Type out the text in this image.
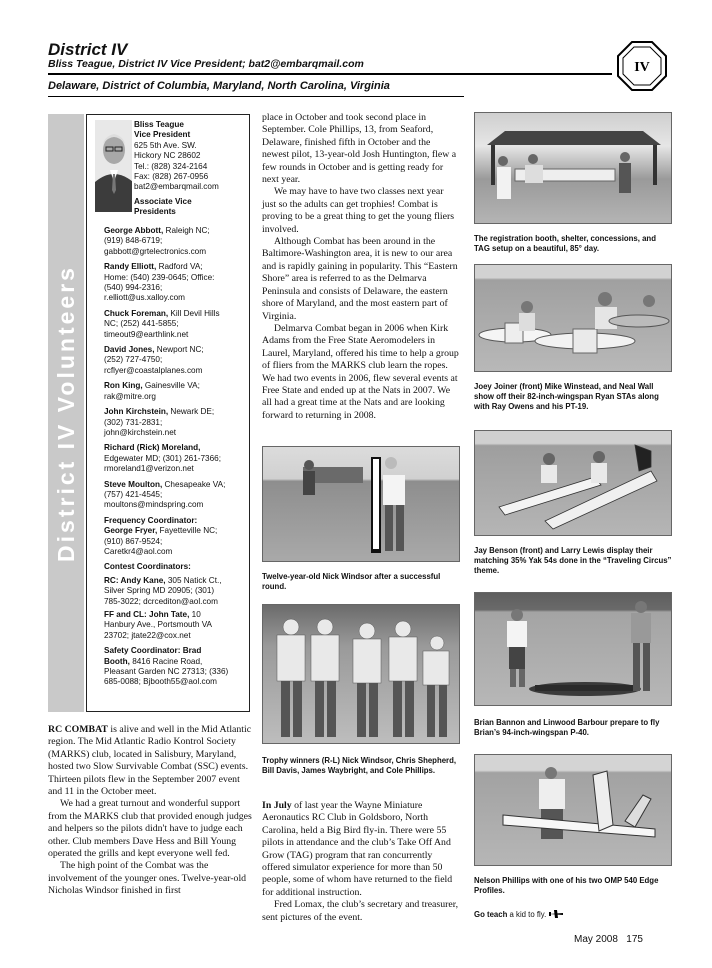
District IV
Bliss Teague, District IV Vice President; bat2@embarqmail.com
Delaware, District of Columbia, Maryland, North Carolina, Virginia
IV
District IV Volunteers
Bliss Teague
Vice President
625 5th Ave. SW.
Hickory NC 28602
Tel.: (828) 324-2164
Fax: (828) 267-0956
bat2@embarqmail.com
Associate Vice
Presidents
George Abbott, Raleigh NC;
(919) 848-6719;
gabbott@grtelectronics.com
Randy Elliott, Radford VA;
Home: (540) 239-0645; Office:
(540) 994-2316;
r.elliott@us.xalloy.com
Chuck Foreman, Kill Devil Hills
NC; (252) 441-5855;
timeout9@earthlink.net
David Jones, Newport NC;
(252) 727-4750;
rcflyer@coastalplanes.com
Ron King, Gainesville VA;
rak@mitre.org
John Kirchstein, Newark DE;
(302) 731-2831;
john@kirchstein.net
Richard (Rick) Moreland,
Edgewater MD; (301) 261-7366;
rmoreland1@verizon.net
Steve Moulton, Chesapeake VA;
(757) 421-4545;
moultons@mindspring.com
Frequency Coordinator:
George Fryer, Fayetteville NC;
(910) 867-9524;
Caretkr4@aol.com
Contest Coordinators:
RC: Andy Kane, 305 Natick Ct.,
Silver Spring MD 20905; (301)
785-3022; dcrcediton@aol.com
FF and CL: John Tate, 10
Hanbury Ave., Portsmouth VA
23702; jtate22@cox.net
Safety Coordinator: Brad
Booth, 8416 Racine Road,
Pleasant Garden NC 27313; (336)
685-0088; Bjbooth55@aol.com

RC COMBAT is alive and well in the Mid Atlantic region. The Mid Atlantic Radio Kontrol Society (MARKS) club, located in Salisbury, Maryland, hosted two Slow Survivable Combat (SSC) events. Thirteen pilots flew in the September 2007 event and 11 in the October meet.

We had a great turnout and wonderful support from the MARKS club that provided enough judges and helpers so the pilots didn't have to judge each other. Club members Dave Hess and Bill Young operated the grills and kept everyone well fed.

The high point of the Combat was the involvement of the younger ones. Twelve-year-old Nicholas Windsor finished in first

place in October and took second place in September. Cole Phillips, 13, from Seaford, Delaware, finished fifth in October and the newest pilot, 13-year-old Josh Huntington, flew a few rounds in October and is getting ready for next year.

We may have to have two classes next year just so the adults can get trophies! Combat is proving to be a great thing to get the young fliers involved.

Although Combat has been around in the Baltimore-Washington area, it is new to our area and is rapidly gaining in popularity. This “Eastern Shore” area is referred to as the Delmarva Peninsula and consists of Delaware, the eastern shore of Maryland, and the most eastern part of Virginia.

Delmarva Combat began in 2006 when Kirk Adams from the Free State Aeromodelers in Laurel, Maryland, offered his time to help a group of fliers from the MARKS club learn the ropes. We had two events in 2006, flew several events at Free State and ended up at the Nats in 2007. We all had a great time at the Nats and are looking forward to returning in 2008.

Twelve-year-old Nick Windsor after a successful round.
Trophy winners (R-L) Nick Windsor, Chris Shepherd, Bill Davis, James Waybright, and Cole Phillips.

In July of last year the Wayne Miniature Aeronautics RC Club in Goldsboro, North Carolina, held a Big Bird fly-in. There were 55 pilots in attendance and the club’s Take Off And Grow (TAG) program that ran concurrently offered simulator experience for more than 50 people, some of whom have returned to the field for additional instruction.

Fred Lomax, the club’s secretary and treasurer, sent pictures of the event.

The registration booth, shelter, concessions, and TAG setup on a beautiful, 85° day.
Joey Joiner (front) Mike Winstead, and Neal Wall show off their 82-inch-wingspan Ryan STAs along with Ray Owens and his PT-19.
Jay Benson (front) and Larry Lewis display their matching 35% Yak 54s done in the “Traveling Circus” theme.
Brian Bannon and Linwood Barbour prepare to fly Brian’s 94-inch-wingspan P-40.
Nelson Phillips with one of his two OMP 540 Edge Profiles.
Go teach a kid to fly.
May 2008   175
